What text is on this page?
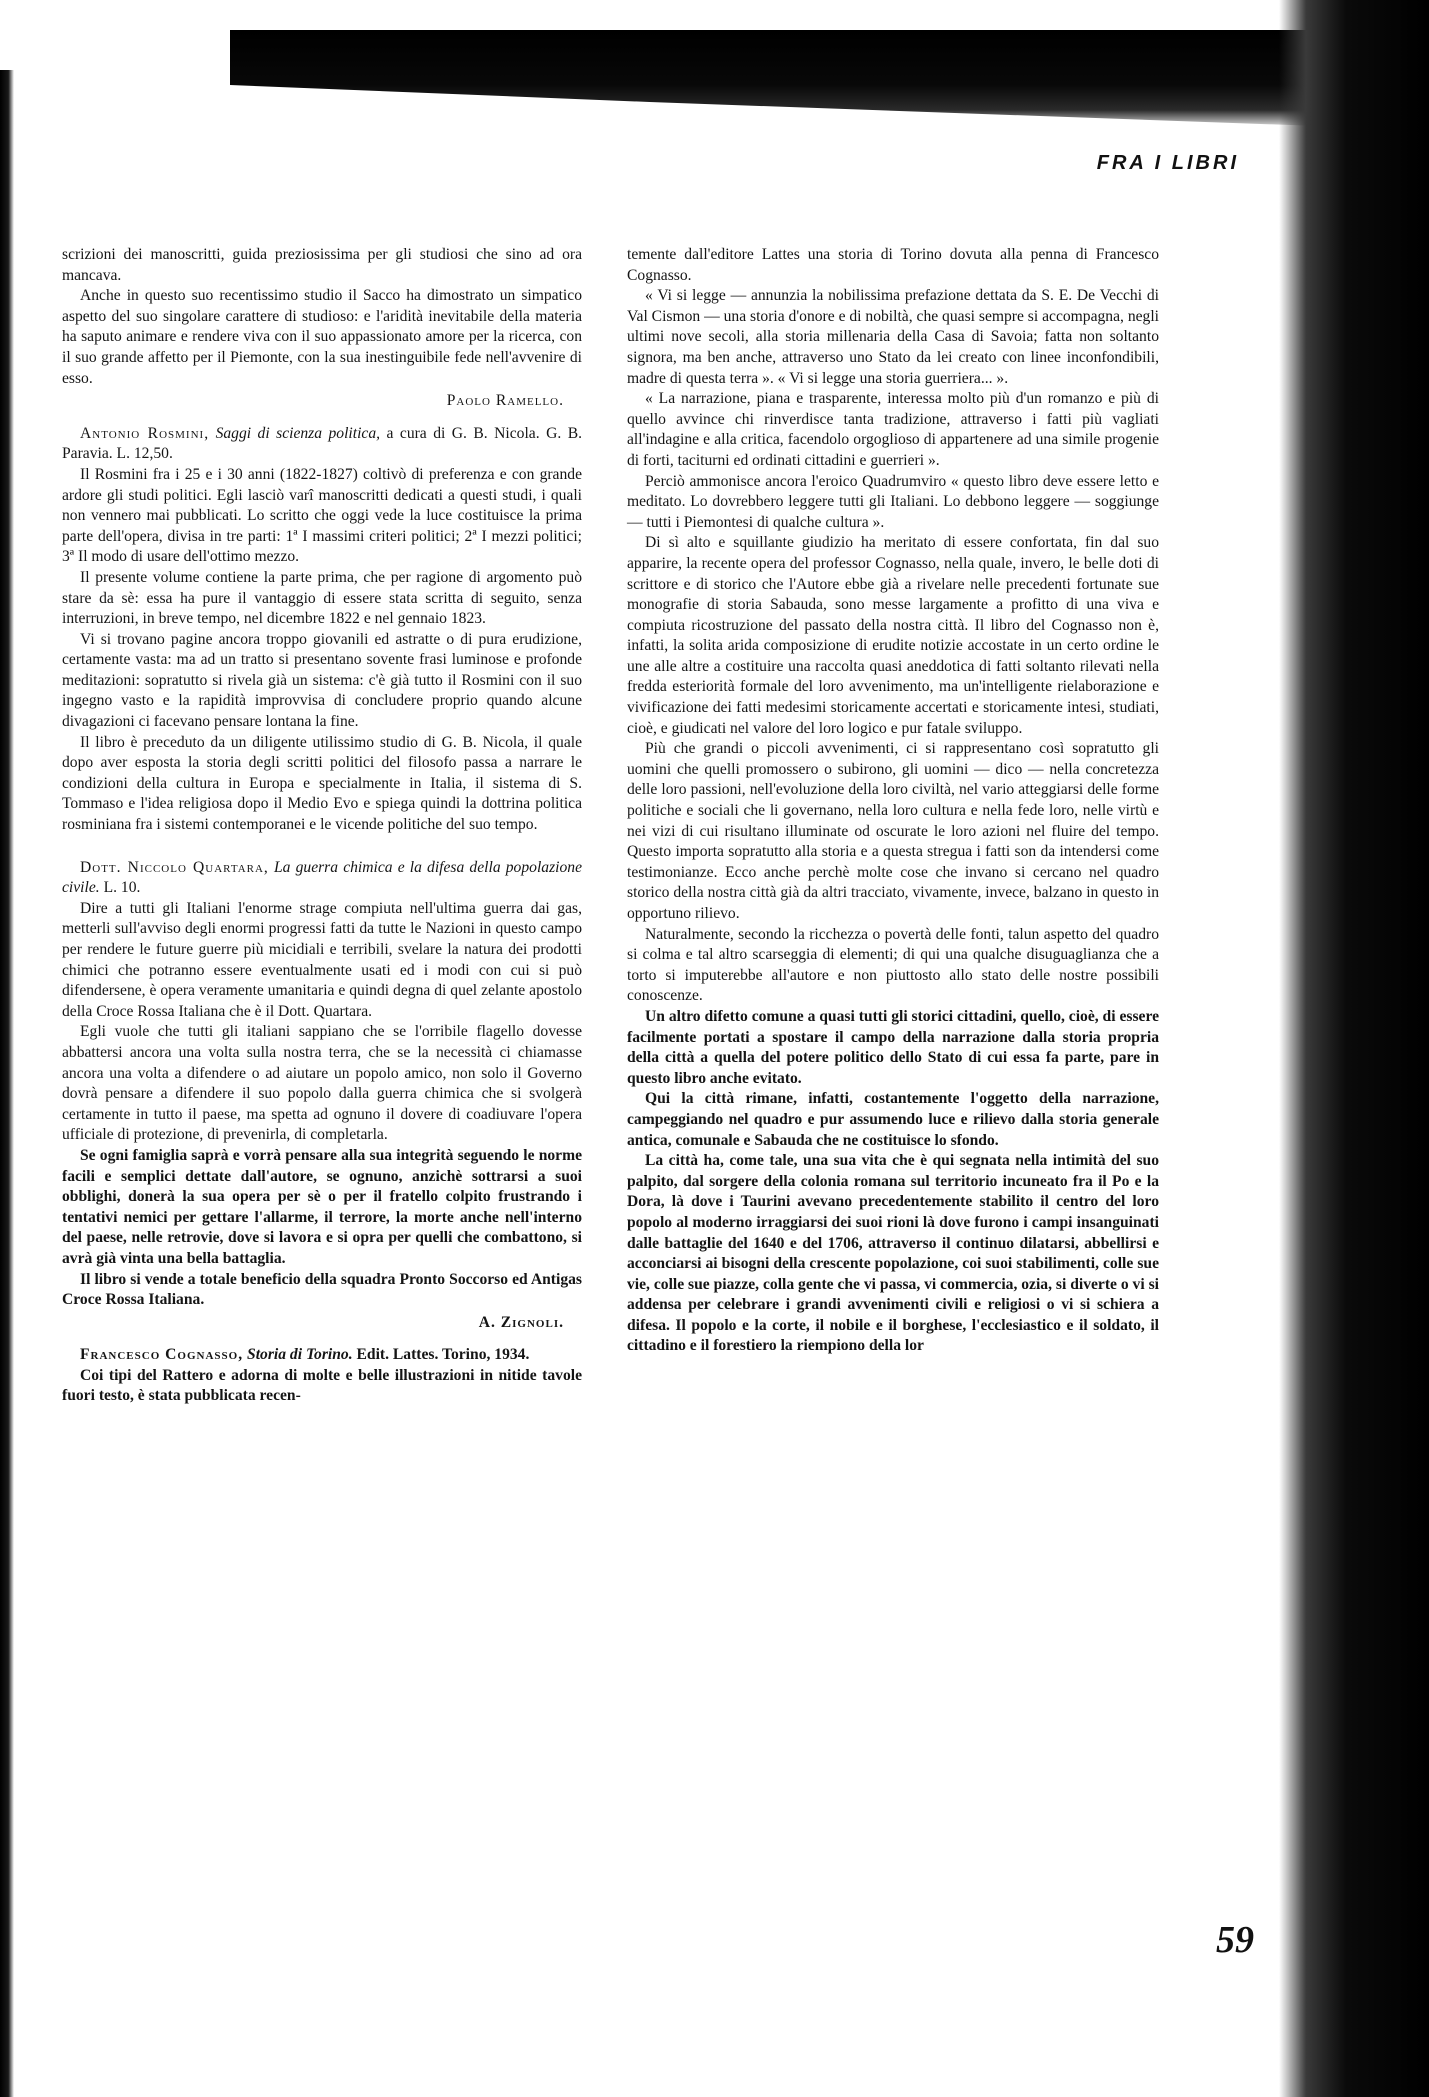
FRA I LIBRI

scrizioni dei manoscritti, guida preziosissima per gli studiosi che sino ad ora mancava.

Anche in questo suo recentissimo studio il Sacco ha dimostrato un simpatico aspetto del suo singolare carattere di studioso: e l'aridità inevitabile della materia ha saputo animare e rendere viva con il suo appassionato amore per la ricerca, con il suo grande affetto per il Piemonte, con la sua inestinguibile fede nell'avvenire di esso.

Paolo Ramello.

Antonio Rosmini, Saggi di scienza politica, a cura di G. B. Nicola. G. B. Paravia. L. 12,50.

Il Rosmini fra i 25 e i 30 anni (1822-1827) coltivò di preferenza e con grande ardore gli studi politici. Egli lasciò varî manoscritti dedicati a questi studi, i quali non vennero mai pubblicati. Lo scritto che oggi vede la luce costituisce la prima parte dell'opera, divisa in tre parti: 1ª I massimi criteri politici; 2ª I mezzi politici; 3ª Il modo di usare dell'ottimo mezzo.

Il presente volume contiene la parte prima, che per ragione di argomento può stare da sè: essa ha pure il vantaggio di essere stata scritta di seguito, senza interruzioni, in breve tempo, nel dicembre 1822 e nel gennaio 1823.

Vi si trovano pagine ancora troppo giovanili ed astratte o di pura erudizione, certamente vasta: ma ad un tratto si presentano sovente frasi luminose e profonde meditazioni: sopratutto si rivela già un sistema: c'è già tutto il Rosmini con il suo ingegno vasto e la rapidità improvvisa di concludere proprio quando alcune divagazioni ci facevano pensare lontana la fine.

Il libro è preceduto da un diligente utilissimo studio di G. B. Nicola, il quale dopo aver esposta la storia degli scritti politici del filosofo passa a narrare le condizioni della cultura in Europa e specialmente in Italia, il sistema di S. Tommaso e l'idea religiosa dopo il Medio Evo e spiega quindi la dottrina politica rosminiana fra i sistemi contemporanei e le vicende politiche del suo tempo.

Dott. Niccolo Quartara, La guerra chimica e la difesa della popolazione civile. L. 10.

Dire a tutti gli Italiani l'enorme strage compiuta nell'ultima guerra dai gas, metterli sull'avviso degli enormi progressi fatti da tutte le Nazioni in questo campo per rendere le future guerre più micidiali e terribili, svelare la natura dei prodotti chimici che potranno essere eventualmente usati ed i modi con cui si può difendersene, è opera veramente umanitaria e quindi degna di quel zelante apostolo della Croce Rossa Italiana che è il Dott. Quartara.

Egli vuole che tutti gli italiani sappiano che se l'orribile flagello dovesse abbattersi ancora una volta sulla nostra terra, che se la necessità ci chiamasse ancora una volta a difendere o ad aiutare un popolo amico, non solo il Governo dovrà pensare a difendere il suo popolo dalla guerra chimica che si svolgerà certamente in tutto il paese, ma spetta ad ognuno il dovere di coadiuvare l'opera ufficiale di protezione, di prevenirla, di completarla.

Se ogni famiglia saprà e vorrà pensare alla sua integrità seguendo le norme facili e semplici dettate dall'autore, se ognuno, anzichè sottrarsi a suoi obblighi, donerà la sua opera per sè o per il fratello colpito frustrando i tentativi nemici per gettare l'allarme, il terrore, la morte anche nell'interno del paese, nelle retrovie, dove si lavora e si opra per quelli che combattono, si avrà già vinta una bella battaglia.

Il libro si vende a totale beneficio della squadra Pronto Soccorso ed Antigas Croce Rossa Italiana.

A. Zignoli.

Francesco Cognasso, Storia di Torino. Edit. Lattes. Torino, 1934.

Coi tipi del Rattero e adorna di molte e belle illustrazioni in nitide tavole fuori testo, è stata pubblicata recen-

temente dall'editore Lattes una storia di Torino dovuta alla penna di Francesco Cognasso.

« Vi si legge — annunzia la nobilissima prefazione dettata da S. E. De Vecchi di Val Cismon — una storia d'onore e di nobiltà, che quasi sempre si accompagna, negli ultimi nove secoli, alla storia millenaria della Casa di Savoia; fatta non soltanto signora, ma ben anche, attraverso uno Stato da lei creato con linee inconfondibili, madre di questa terra ». « Vi si legge una storia guerriera... ».

« La narrazione, piana e trasparente, interessa molto più d'un romanzo e più di quello avvince chi rinverdisce tanta tradizione, attraverso i fatti più vagliati all'indagine e alla critica, facendolo orgoglioso di appartenere ad una simile progenie di forti, taciturni ed ordinati cittadini e guerrieri ».

Perciò ammonisce ancora l'eroico Quadrumviro « questo libro deve essere letto e meditato. Lo dovrebbero leggere tutti gli Italiani. Lo debbono leggere — soggiunge — tutti i Piemontesi di qualche cultura ».

Di sì alto e squillante giudizio ha meritato di essere confortata, fin dal suo apparire, la recente opera del professor Cognasso, nella quale, invero, le belle doti di scrittore e di storico che l'Autore ebbe già a rivelare nelle precedenti fortunate sue monografie di storia Sabauda, sono messe largamente a profitto di una viva e compiuta ricostruzione del passato della nostra città. Il libro del Cognasso non è, infatti, la solita arida composizione di erudite notizie accostate in un certo ordine le une alle altre a costituire una raccolta quasi aneddotica di fatti soltanto rilevati nella fredda esteriorità formale del loro avvenimento, ma un'intelligente rielaborazione e vivificazione dei fatti medesimi storicamente accertati e storicamente intesi, studiati, cioè, e giudicati nel valore del loro logico e pur fatale sviluppo.

Più che grandi o piccoli avvenimenti, ci si rappresentano così sopratutto gli uomini che quelli promossero o subirono, gli uomini — dico — nella concretezza delle loro passioni, nell'evoluzione della loro civiltà, nel vario atteggiarsi delle forme politiche e sociali che li governano, nella loro cultura e nella fede loro, nelle virtù e nei vizi di cui risultano illuminate od oscurate le loro azioni nel fluire del tempo. Questo importa sopratutto alla storia e a questa stregua i fatti son da intendersi come testimonianze. Ecco anche perchè molte cose che invano si cercano nel quadro storico della nostra città già da altri tracciato, vivamente, invece, balzano in questo in opportuno rilievo.

Naturalmente, secondo la ricchezza o povertà delle fonti, talun aspetto del quadro si colma e tal altro scarseggia di elementi; di qui una qualche disuguaglianza che a torto si imputerebbe all'autore e non piuttosto allo stato delle nostre possibili conoscenze.

Un altro difetto comune a quasi tutti gli storici cittadini, quello, cioè, di essere facilmente portati a spostare il campo della narrazione dalla storia propria della città a quella del potere politico dello Stato di cui essa fa parte, pare in questo libro anche evitato.

Qui la città rimane, infatti, costantemente l'oggetto della narrazione, campeggiando nel quadro e pur assumendo luce e rilievo dalla storia generale antica, comunale e Sabauda che ne costituisce lo sfondo.

La città ha, come tale, una sua vita che è qui segnata nella intimità del suo palpito, dal sorgere della colonia romana sul territorio incuneato fra il Po e la Dora, là dove i Taurini avevano precedentemente stabilito il centro del loro popolo al moderno irraggiarsi dei suoi rioni là dove furono i campi insanguinati dalle battaglie del 1640 e del 1706, attraverso il continuo dilatarsi, abbellirsi e acconciarsi ai bisogni della crescente popolazione, coi suoi stabilimenti, colle sue vie, colle sue piazze, colla gente che vi passa, vi commercia, ozia, si diverte o vi si addensa per celebrare i grandi avvenimenti civili e religiosi o vi si schiera a difesa. Il popolo e la corte, il nobile e il borghese, l'ecclesiastico e il soldato, il cittadino e il forestiero la riempiono della lor

59
